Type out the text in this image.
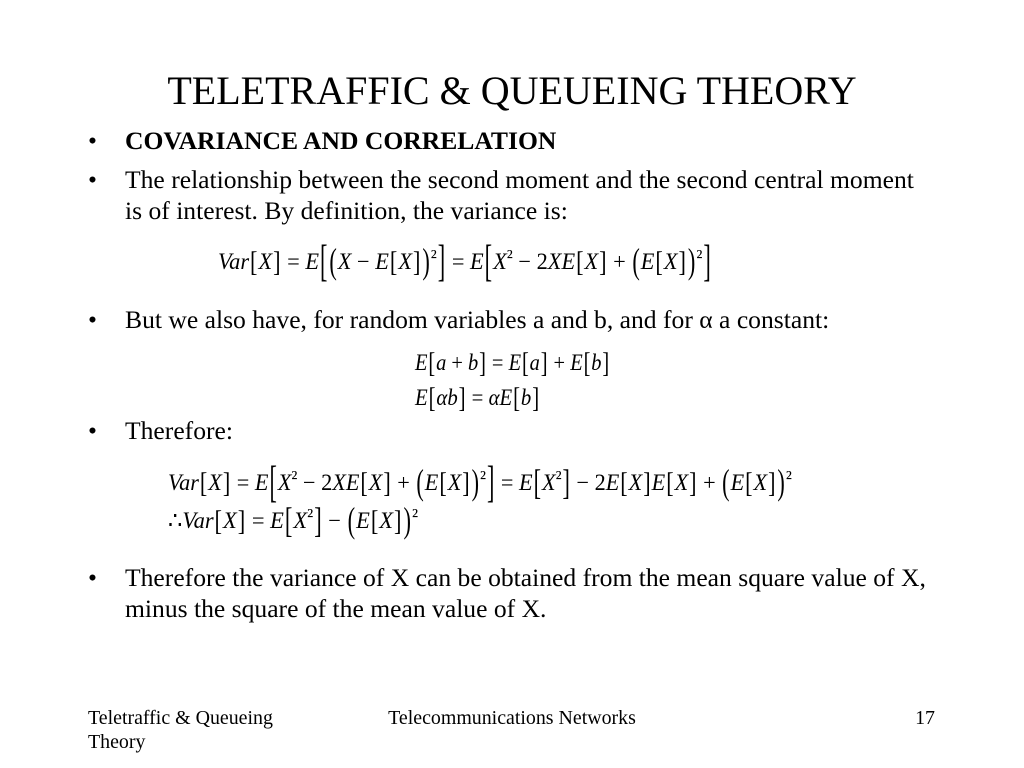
TELETRAFFIC & QUEUEING THEORY
• COVARIANCE AND CORRELATION
• The relationship between the second moment and the second central moment is of interest. By definition, the variance is:
Var[X] = E[(X − E[X])²] = E[X² − 2XE[X] + (E[X])²]
• But we also have, for random variables a and b, and for α a constant:
E[a + b] = E[a] + E[b]
E[αb] = αE[b]
• Therefore:
Var[X] = E[X² − 2XE[X] + (E[X])²] = E[X²] − 2E[X]E[X] + (E[X])²
∴Var[X] = E[X²] − (E[X])²
• Therefore the variance of X can be obtained from the mean square value of X, minus the square of the mean value of X.
Telecommunications Networks
Teletraffic & Queueing Theory
17
